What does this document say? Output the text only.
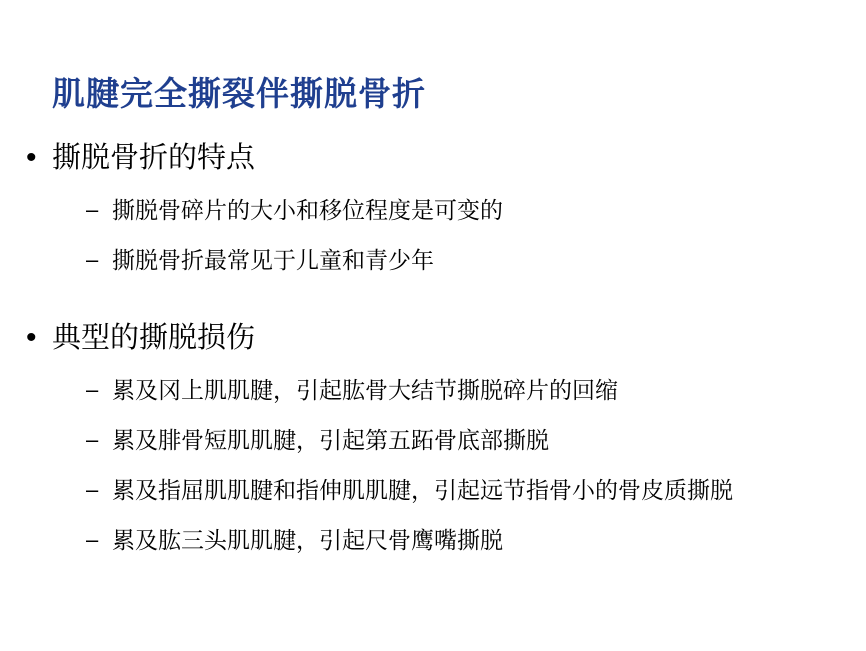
肌腱完全撕裂伴撕脱骨折
• 撕脱骨折的特点
– 撕脱骨碎片的大小和移位程度是可变的
– 撕脱骨折最常见于儿童和青少年
• 典型的撕脱损伤
– 累及冈上肌肌腱，引起肱骨大结节撕脱碎片的回缩
– 累及腓骨短肌肌腱，引起第五跖骨底部撕脱
– 累及指屈肌肌腱和指伸肌肌腱，引起远节指骨小的骨皮质撕脱
– 累及肱三头肌肌腱，引起尺骨鹰嘴撕脱
